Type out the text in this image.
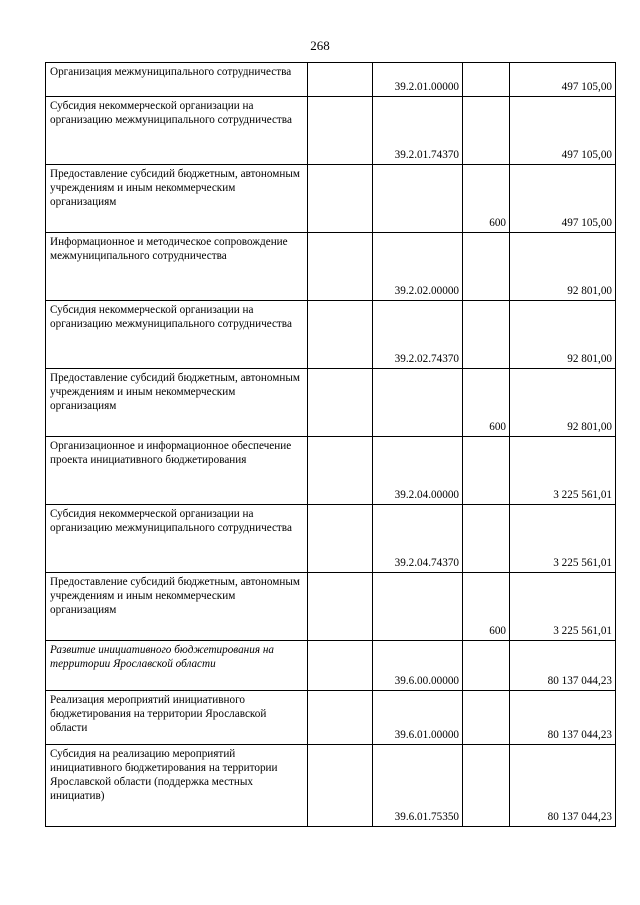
268
Организация межмуниципального сотрудничества		39.2.01.00000		497 105,00
Субсидия некоммерческой организации на организацию межмуниципального сотрудничества		39.2.01.74370		497 105,00
Предоставление субсидий бюджетным, автономным учреждениям и иным некоммерческим организациям			600	497 105,00
Информационное и методическое сопровождение межмуниципального сотрудничества		39.2.02.00000		92 801,00
Субсидия некоммерческой организации на организацию межмуниципального сотрудничества		39.2.02.74370		92 801,00
Предоставление субсидий бюджетным, автономным учреждениям и иным некоммерческим организациям			600	92 801,00
Организационное и информационное обеспечение проекта инициативного бюджетирования		39.2.04.00000		3 225 561,01
Субсидия некоммерческой организации на организацию межмуниципального сотрудничества		39.2.04.74370		3 225 561,01
Предоставление субсидий бюджетным, автономным учреждениям и иным некоммерческим организациям			600	3 225 561,01
Развитие инициативного бюджетирования на территории Ярославской области		39.6.00.00000		80 137 044,23
Реализация мероприятий инициативного бюджетирования на территории Ярославской области		39.6.01.00000		80 137 044,23
Субсидия на реализацию мероприятий инициативного бюджетирования на территории Ярославской области (поддержка местных инициатив)		39.6.01.75350		80 137 044,23
